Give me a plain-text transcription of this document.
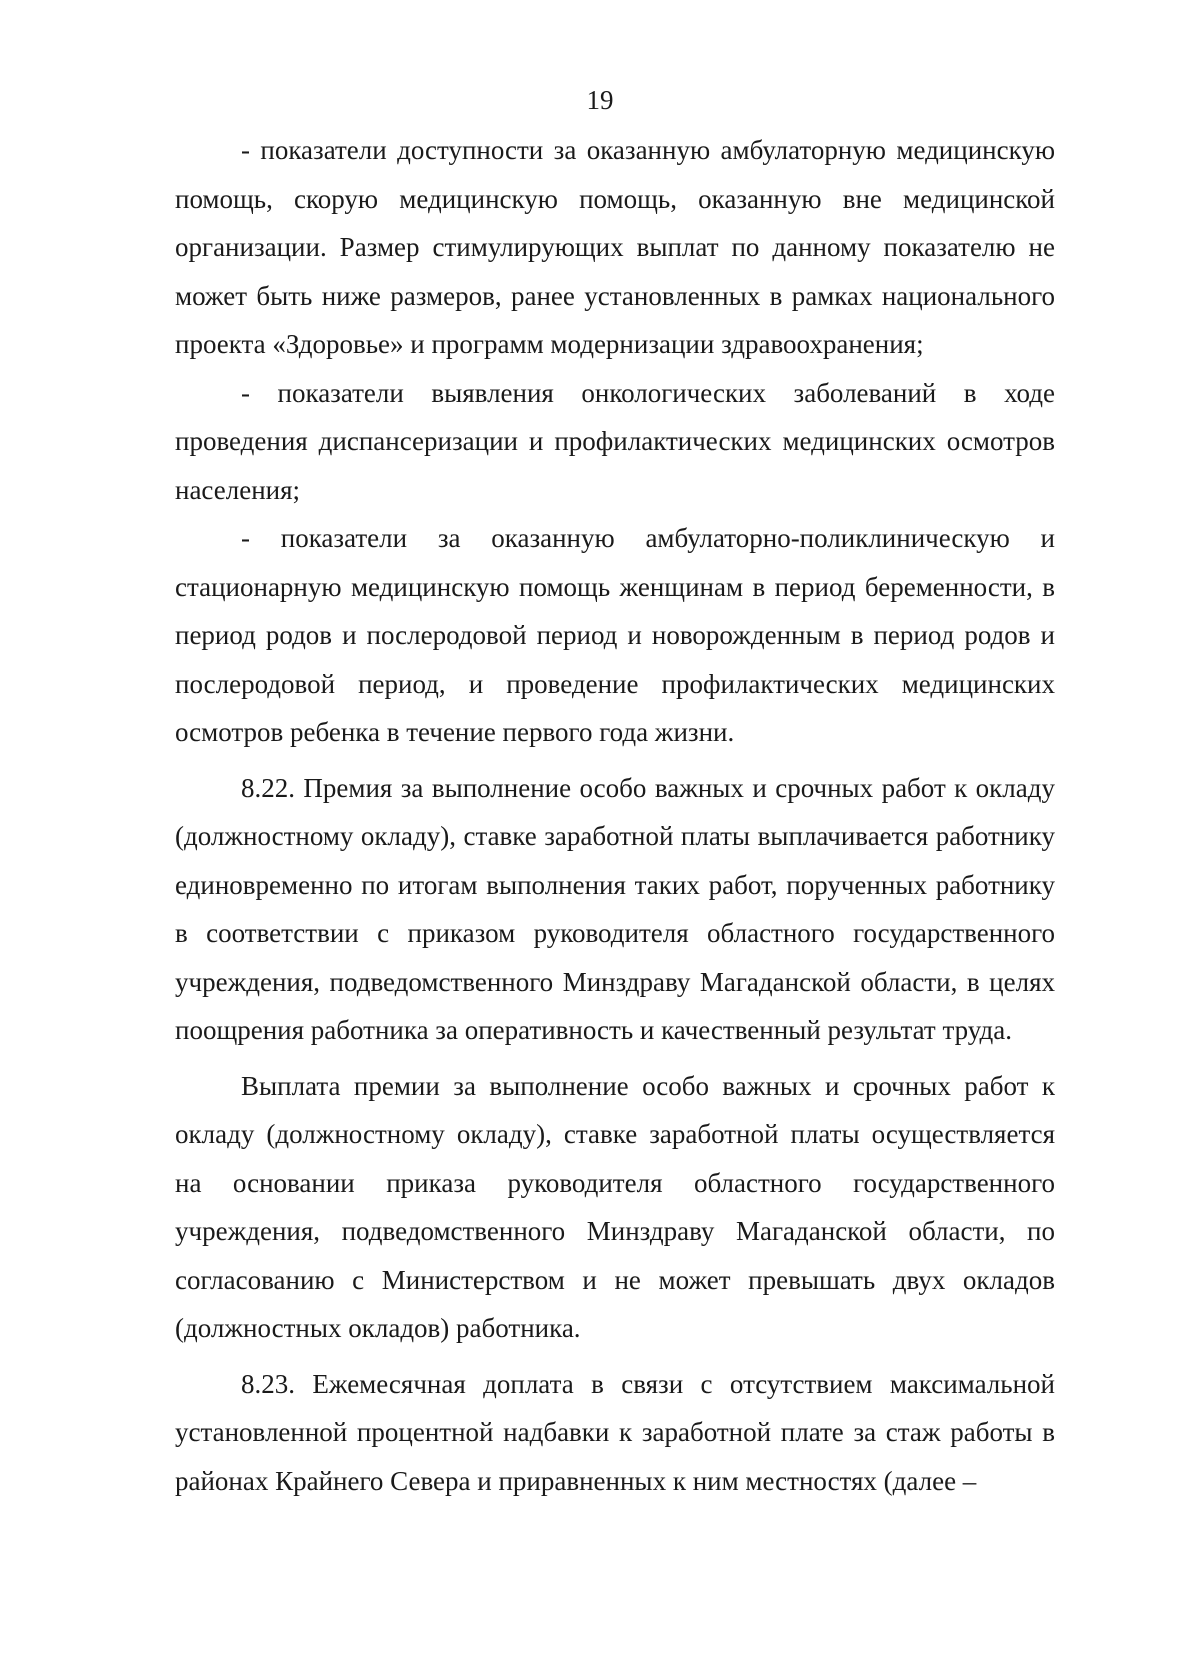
19

- показатели доступности за оказанную амбулаторную медицинскую помощь, скорую медицинскую помощь, оказанную вне медицинской организации. Размер стимулирующих выплат по данному показателю не может быть ниже размеров, ранее установленных в рамках национального проекта «Здоровье» и программ модернизации здравоохранения;

- показатели выявления онкологических заболеваний в ходе проведения диспансеризации и профилактических медицинских осмотров населения;

- показатели за оказанную амбулаторно-поликлиническую и стационарную медицинскую помощь женщинам в период беременности, в период родов и послеродовой период и новорожденным в период родов и послеродовой период, и проведение профилактических медицинских осмотров ребенка в течение первого года жизни.

8.22. Премия за выполнение особо важных и срочных работ к окладу (должностному окладу), ставке заработной платы выплачивается работнику единовременно по итогам выполнения таких работ, порученных работнику в соответствии с приказом руководителя областного государственного учреждения, подведомственного Минздраву Магаданской области, в целях поощрения работника за оперативность и качественный результат труда.

Выплата премии за выполнение особо важных и срочных работ к окладу (должностному окладу), ставке заработной платы осуществляется на основании приказа руководителя областного государственного учреждения, подведомственного Минздраву Магаданской области, по согласованию с Министерством и не может превышать двух окладов (должностных окладов) работника.

8.23. Ежемесячная доплата в связи с отсутствием максимальной установленной процентной надбавки к заработной плате за стаж работы в районах Крайнего Севера и приравненных к ним местностях (далее –
